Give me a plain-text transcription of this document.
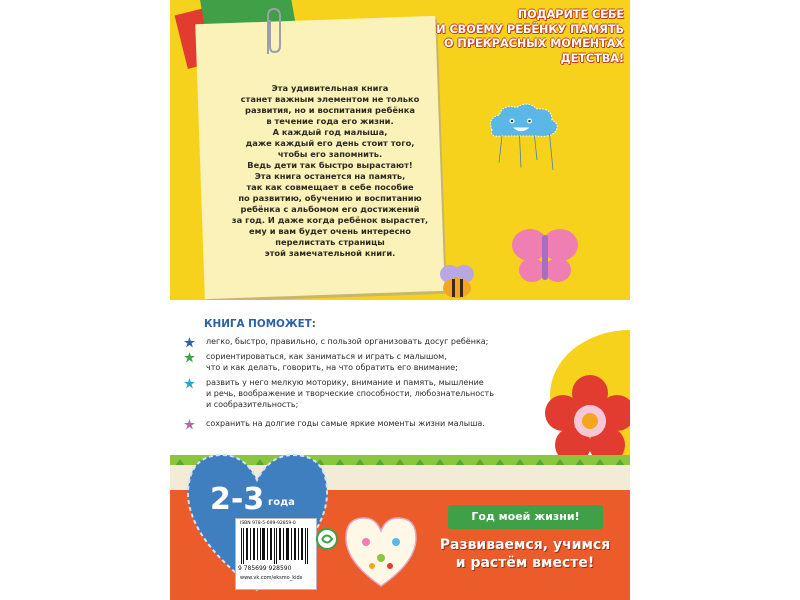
Эта удивительная книга
станет важным элементом не только
развития, но и воспитания ребёнка
в течение года его жизни.
А каждый год малыша,
даже каждый его день стоит того,
чтобы его запомнить.
Ведь дети так быстро вырастают!
Эта книга останется на память,
так как совмещает в себе пособие
по развитию, обучению и воспитанию
ребёнка с альбомом его достижений
за год. И даже когда ребёнок вырастет,
ему и вам будет очень интересно
перелистать страницы
этой замечательной книги.
ПОДАРИТЕ СЕБЕ
И СВОЕМУ РЕБЁНКУ ПАМЯТЬ
О ПРЕКРАСНЫХ МОМЕНТАХ
ДЕТСТВА!
КНИГА ПОМОЖЕТ:
легко, быстро, правильно, с пользой организовать досуг ребёнка;
сориентироваться, как заниматься и играть с малышом,
что и как делать, говорить, на что обратить его внимание;
развить у него мелкую моторику, внимание и память, мышление
и речь, воображение и творческие способности, любознательность
и сообразительность;
сохранить на долгие годы самые яркие моменты жизни малыша.
2-3 года
ISBN 978-5-699-92859-0
9 785699 928590
www.vk.com/eksmo_kids
Год моей жизни!
Развиваемся, учимся
и растём вместе!
